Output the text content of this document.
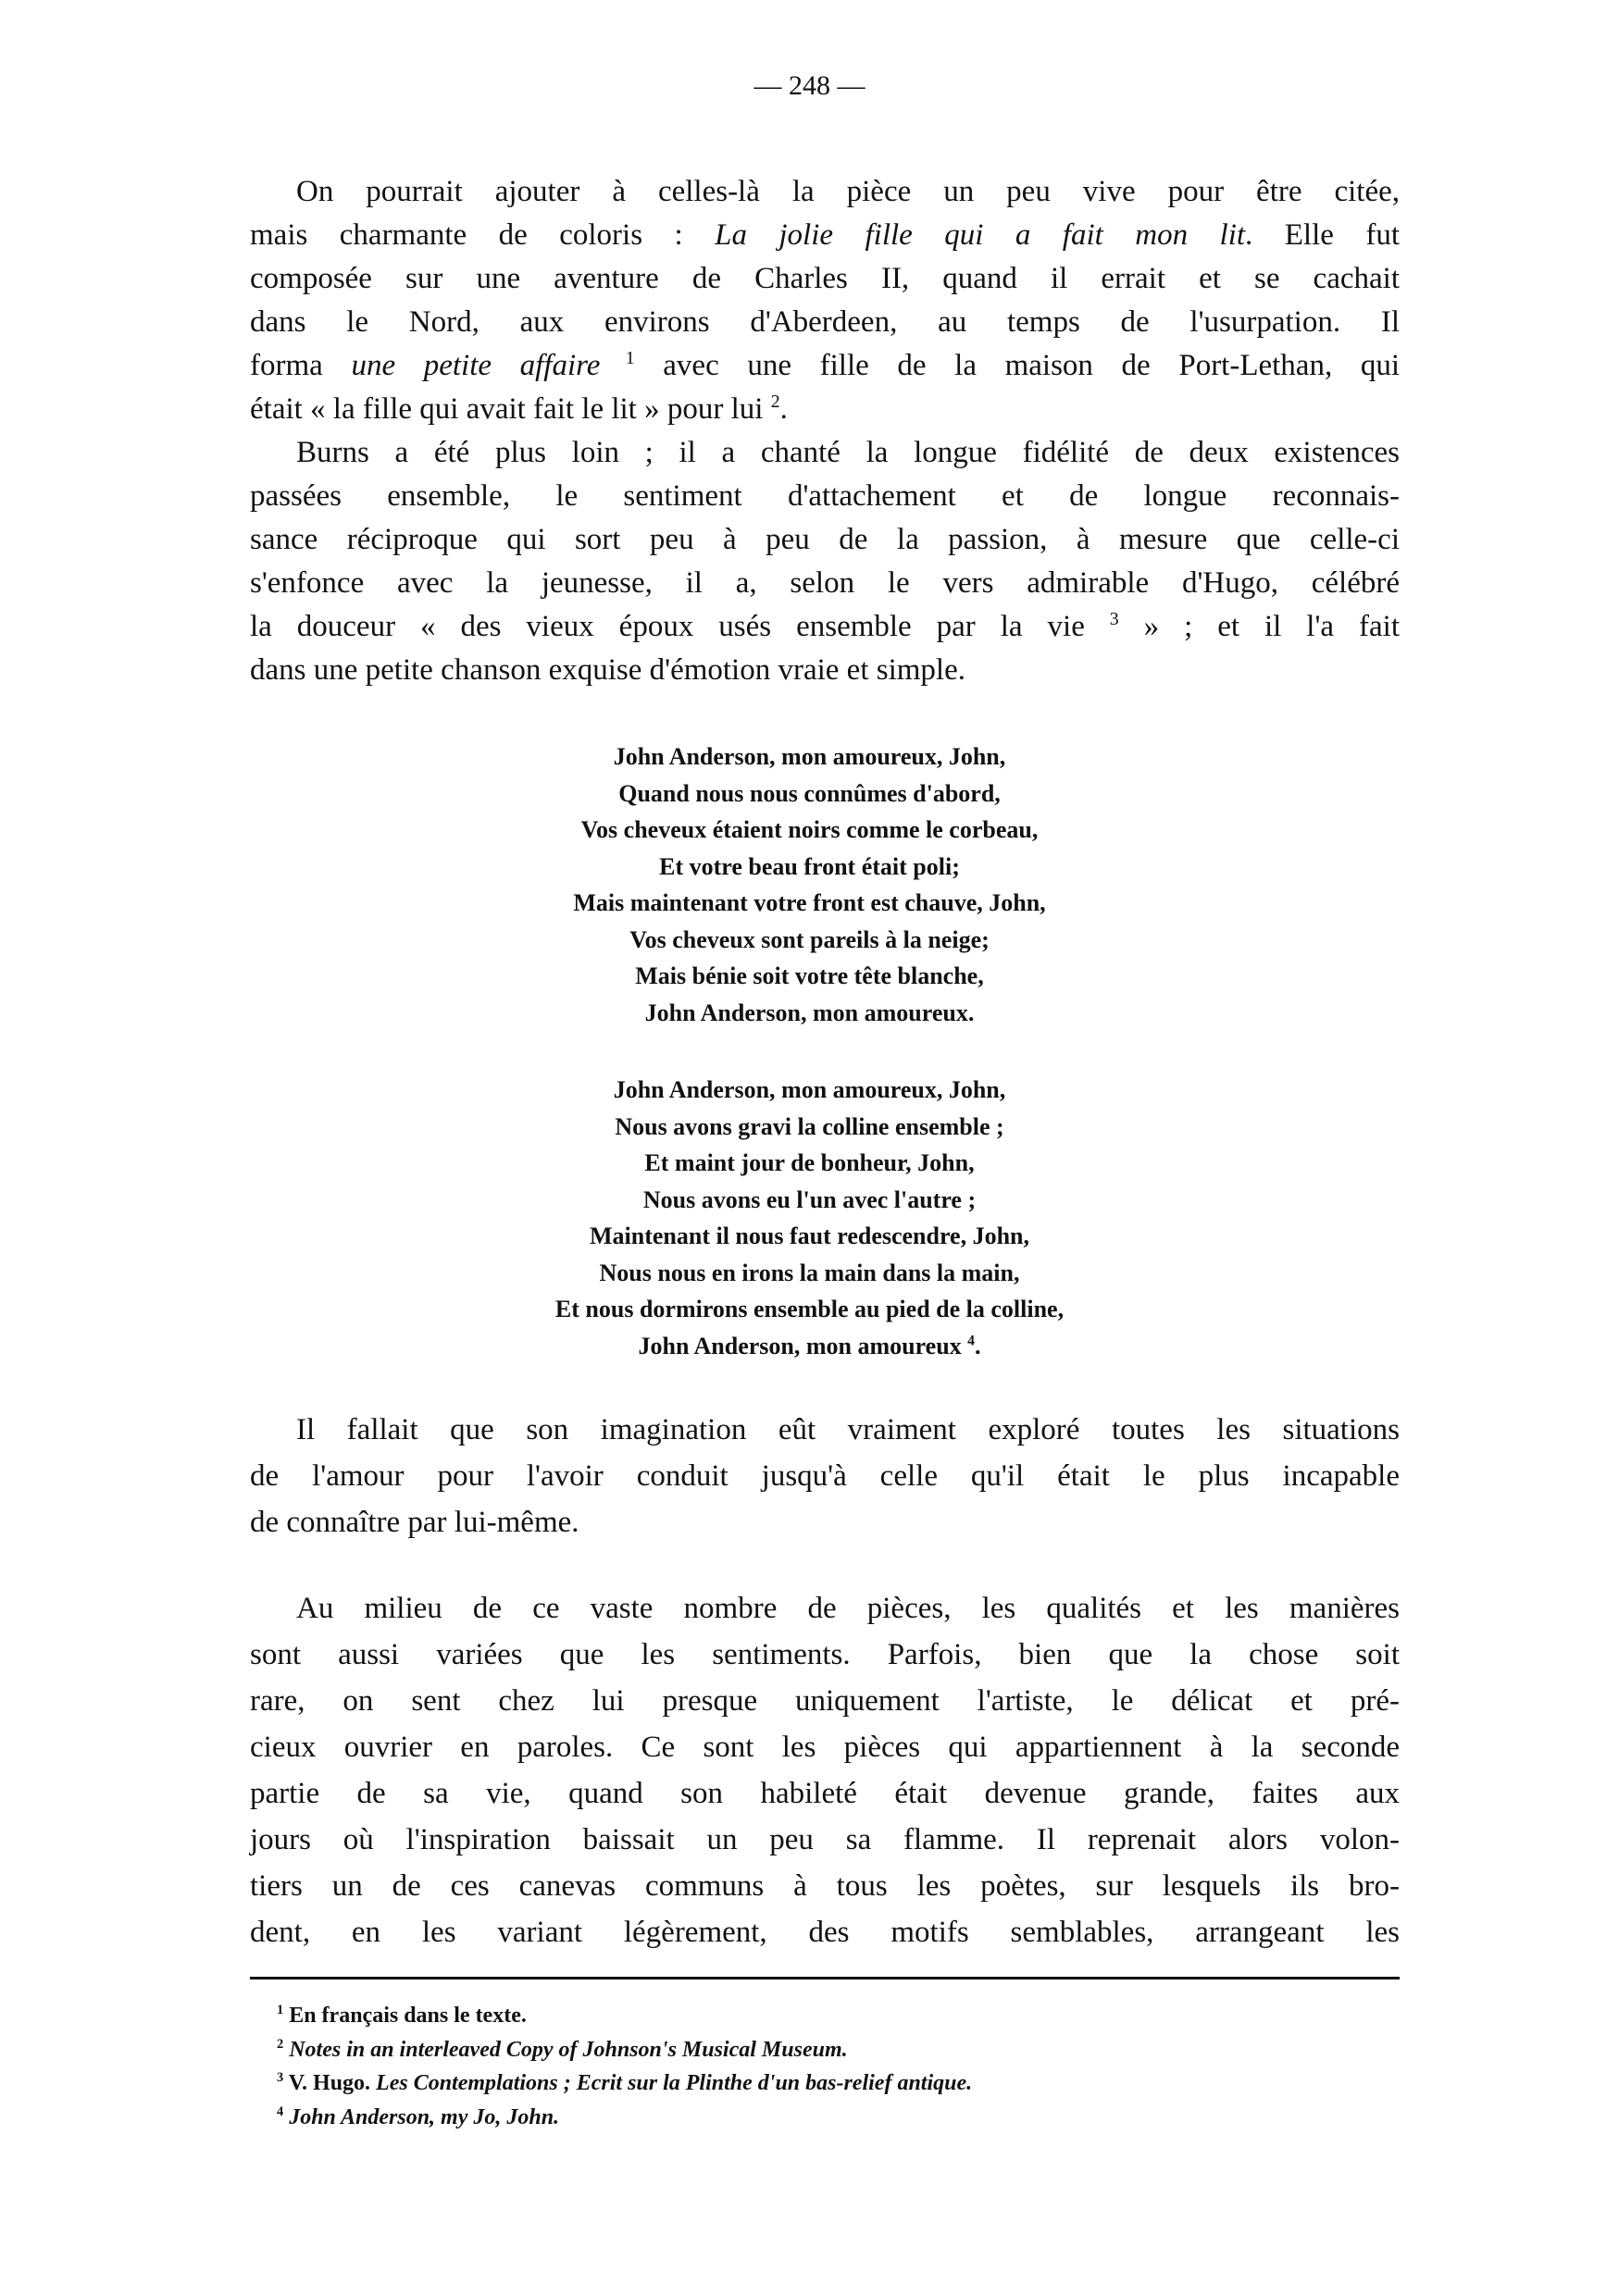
— 248 —
On pourrait ajouter à celles-là la pièce un peu vive pour être citée,
mais charmante de coloris : La jolie fille qui a fait mon lit. Elle fut
composée sur une aventure de Charles II, quand il errait et se cachait
dans le Nord, aux environs d'Aberdeen, au temps de l'usurpation. Il
forma une petite affaire $^1$ avec une fille de la maison de Port-Lethan, qui
était « la fille qui avait fait le lit » pour lui $^2$.
Burns a été plus loin ; il a chanté la longue fidélité de deux existences
passées ensemble, le sentiment d'attachement et de longue reconnais-
sance réciproque qui sort peu à peu de la passion, à mesure que celle-ci
s'enfonce avec la jeunesse, il a, selon le vers admirable d'Hugo, célébré
la douceur « des vieux époux usés ensemble par la vie $^3$ » ; et il l'a fait
dans une petite chanson exquise d'émotion vraie et simple.
John Anderson, mon amoureux, John,
Quand nous nous connûmes d'abord,
Vos cheveux étaient noirs comme le corbeau,
Et votre beau front était poli;
Mais maintenant votre front est chauve, John,
Vos cheveux sont pareils à la neige;
Mais bénie soit votre tête blanche,
John Anderson, mon amoureux.
John Anderson, mon amoureux, John,
Nous avons gravi la colline ensemble ;
Et maint jour de bonheur, John,
Nous avons eu l'un avec l'autre ;
Maintenant il nous faut redescendre, John,
Nous nous en irons la main dans la main,
Et nous dormirons ensemble au pied de la colline,
John Anderson, mon amoureux $^4$.
Il fallait que son imagination eût vraiment exploré toutes les situations
de l'amour pour l'avoir conduit jusqu'à celle qu'il était le plus incapable
de connaître par lui-même.
Au milieu de ce vaste nombre de pièces, les qualités et les manières
sont aussi variées que les sentiments. Parfois, bien que la chose soit
rare, on sent chez lui presque uniquement l'artiste, le délicat et pré-
cieux ouvrier en paroles. Ce sont les pièces qui appartiennent à la seconde
partie de sa vie, quand son habileté était devenue grande, faites aux
jours où l'inspiration baissait un peu sa flamme. Il reprenait alors volon-
tiers un de ces canevas communs à tous les poètes, sur lesquels ils bro-
dent, en les variant légèrement, des motifs semblables, arrangeant les
$^1$ En français dans le texte.
$^2$ Notes in an interleaved Copy of Johnson's Musical Museum.
$^3$ V. Hugo. Les Contemplations ; Ecrit sur la Plinthe d'un bas-relief antique.
$^4$ John Anderson, my Jo, John.
